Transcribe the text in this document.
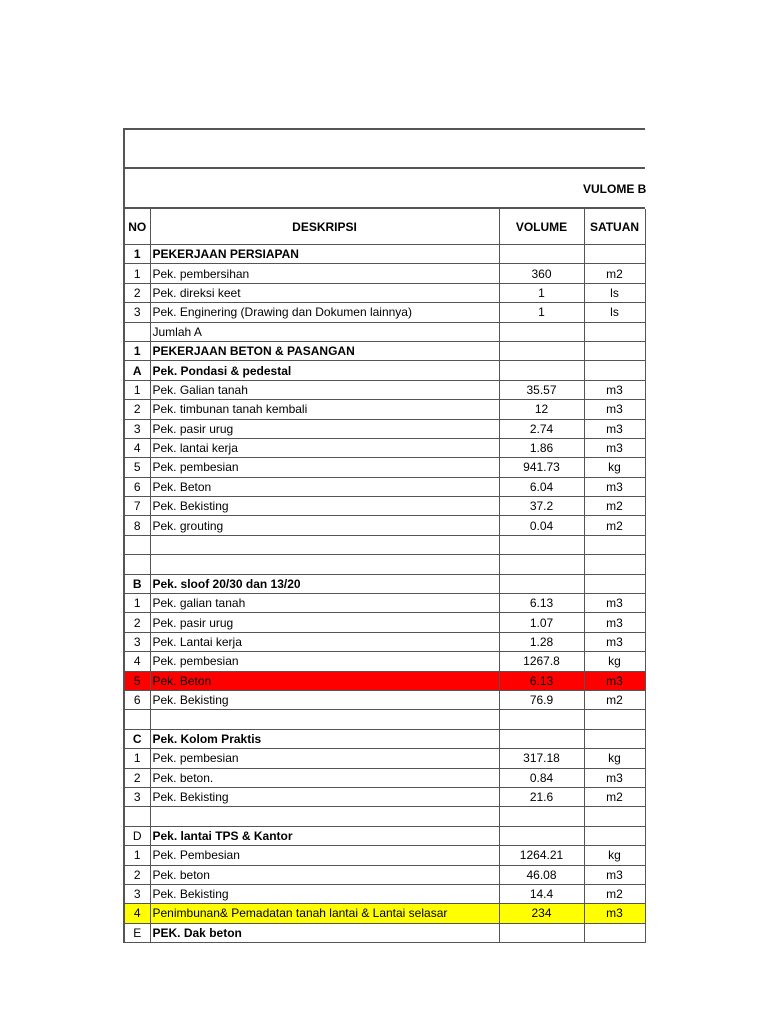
VULOME B
NO	DESKRIPSI	VOLUME	SATUAN
1	PEKERJAAN PERSIAPAN		
1	Pek. pembersihan	360	m2
2	Pek. direksi keet	1	ls
3	Pek. Enginering (Drawing dan Dokumen lainnya)	1	ls
	Jumlah A		
1	PEKERJAAN BETON & PASANGAN		
A	Pek. Pondasi & pedestal		
1	Pek. Galian tanah	35.57	m3
2	Pek. timbunan tanah kembali	12	m3
3	Pek. pasir urug	2.74	m3
4	Pek. lantai kerja	1.86	m3
5	Pek. pembesian	941.73	kg
6	Pek. Beton	6.04	m3
7	Pek. Bekisting	37.2	m2
8	Pek. grouting	0.04	m2

B	Pek. sloof 20/30 dan 13/20		
1	Pek. galian tanah	6.13	m3
2	Pek. pasir urug	1.07	m3
3	Pek. Lantai kerja	1.28	m3
4	Pek. pembesian	1267.8	kg
5	Pek. Beton	6.13	m3
6	Pek. Bekisting	76.9	m2

C	Pek. Kolom Praktis		
1	Pek. pembesian	317.18	kg
2	Pek. beton.	0.84	m3
3	Pek. Bekisting	21.6	m2

D	Pek. lantai TPS & Kantor		
1	Pek. Pembesian	1264.21	kg
2	Pek. beton	46.08	m3
3	Pek. Bekisting	14.4	m2
4	Penimbunan& Pemadatan tanah lantai & Lantai selasar	234	m3
E	PEK. Dak beton		
